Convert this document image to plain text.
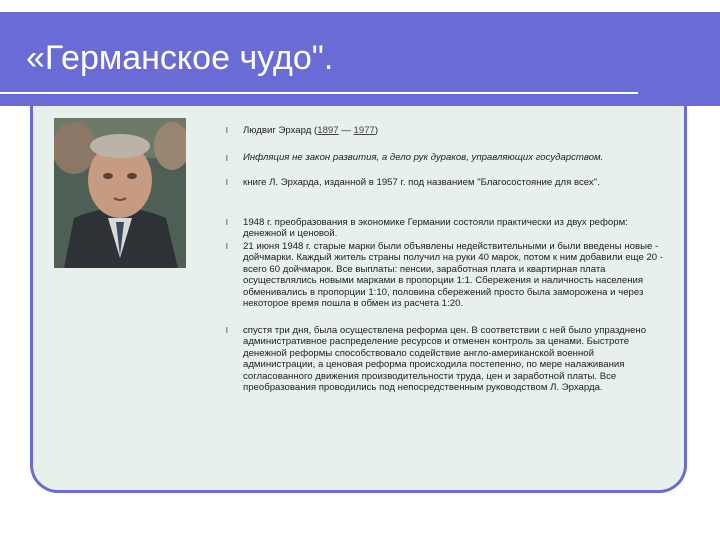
«Германское чудо".
l
l
l
l
l
l
Людвиг Эрхард (1897 — 1977)
Инфляция не закон развития, а дело рук дураков, управляющих государством.
книге Л. Эрхарда, изданной в 1957 г. под названием "Благосостояние для всех".
1948 г. преобразования в экономике Германии состояли практически из двух реформ: денежной и ценовой.
21 июня 1948 г. старые марки были объявлены недействительными и были введены новые - дойчмарки. Каждый житель страны получил на руки 40 марок, потом к ним добавили еще 20 - всего 60 дойчмарок. Все выплаты: пенсии, заработная плата и квартирная плата осуществлялись новыми марками в пропорции 1:1. Сбережения и наличность населения обменивались в пропорции 1:10, половина сбережений просто была заморожена и через некоторое время пошла в обмен из расчета 1:20.
спустя три дня, была осуществлена реформа цен. В соответствии с ней было упразднено административное распределение ресурсов и отменен контроль за ценами. Быстроте денежной реформы способствовало содействие англо-американской военной администрации, а ценовая реформа происходила постепенно, по мере налаживания согласованного движения производительности труда, цен и заработной платы. Все преобразования проводились под непосредственным руководством Л. Эрхарда.
